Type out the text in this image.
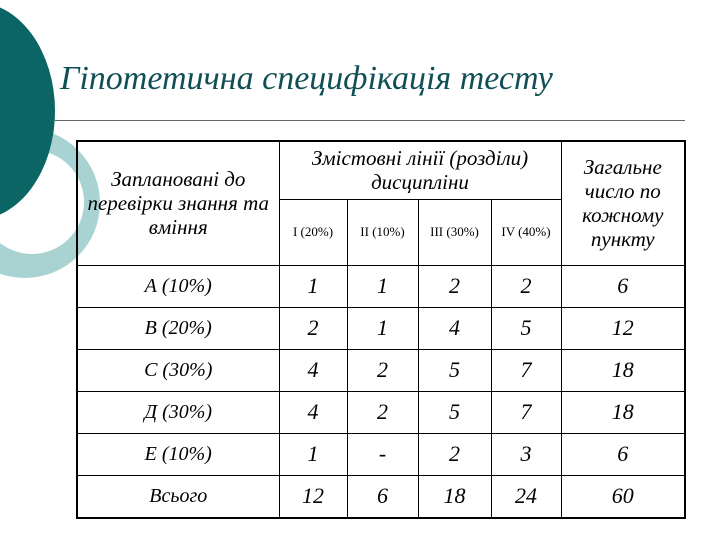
Гіпотетична специфікація тесту
Заплановані до перевірки знання та вміння	Змістовні лінії (розділи) дисципліни				Загальне число по кожному пункту
	I (20%)	II (10%)	III (30%)	IV (40%)	
А (10%)	1	1	2	2	6
В (20%)	2	1	4	5	12
С (30%)	4	2	5	7	18
Д (30%)	4	2	5	7	18
Е (10%)	1	-	2	3	6
Всього	12	6	18	24	60
